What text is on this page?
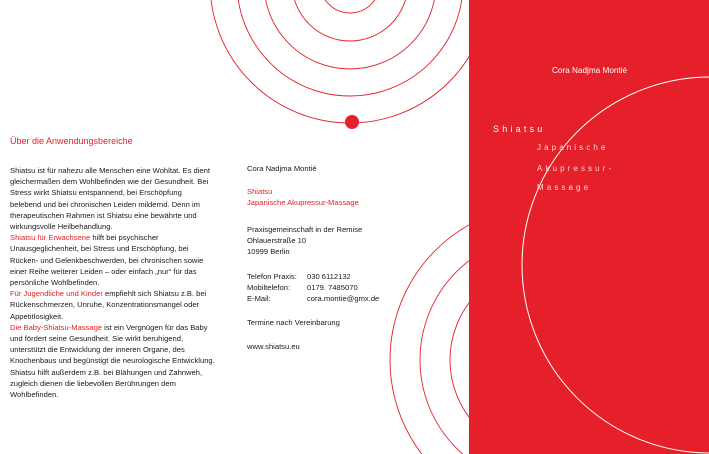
Über die Anwendungsbereiche

Shiatsu ist für nahezu alle Menschen eine Wohltat. Es dient gleichermaßen dem Wohlbefinden wie der Gesundheit. Bei Stress wirkt Shiatsu entspannend, bei Erschöpfung belebend und bei chronischen Leiden mildernd. Denn im therapeutischen Rahmen ist Shiatsu eine bewährte und wirkungsvolle Heilbehandlung.

Shiatsu für Erwachsene hilft bei psychischer Unausgeglichenheit, bei Stress und Erschöpfung, bei Rücken- und Gelenkbeschwerden, bei chronischen sowie einer Reihe weiterer Leiden – oder einfach „nur“ für das persönliche Wohlbefinden.

Für Jugendliche und Kinder empfiehlt sich Shiatsu z.B. bei Rückenschmerzen, Unruhe, Konzentrationsmangel oder Appetitlosigkeit.

Die Baby-Shiatsu-Massage ist ein Vergnügen für das Baby und fördert seine Gesundheit. Sie wirkt beruhigend, unterstützt die Entwicklung der inneren Organe, des Knochenbaus und begünstigt die neurologische Entwicklung. Shiatsu hilft außerdem z.B. bei Blähungen und Zahnweh, zugleich dienen die liebevollen Berührungen dem Wohlbefinden.

Cora Nadjma Montié
Shiatsu
Japanische Akupressur-Massage
Praxisgemeinschaft in der Remise
Ohlauerstraße 10
10999 Berlin
Telefon Praxis:	030 6112132
Mobiltelefon:	0179. 7485070
E-Mail:	cora.montie@gmx.de
Termine nach Vereinbarung
www.shiatsu.eu
Cora Nadjma Montié
Shiatsu
Japanische
Akupressur-
Massage
